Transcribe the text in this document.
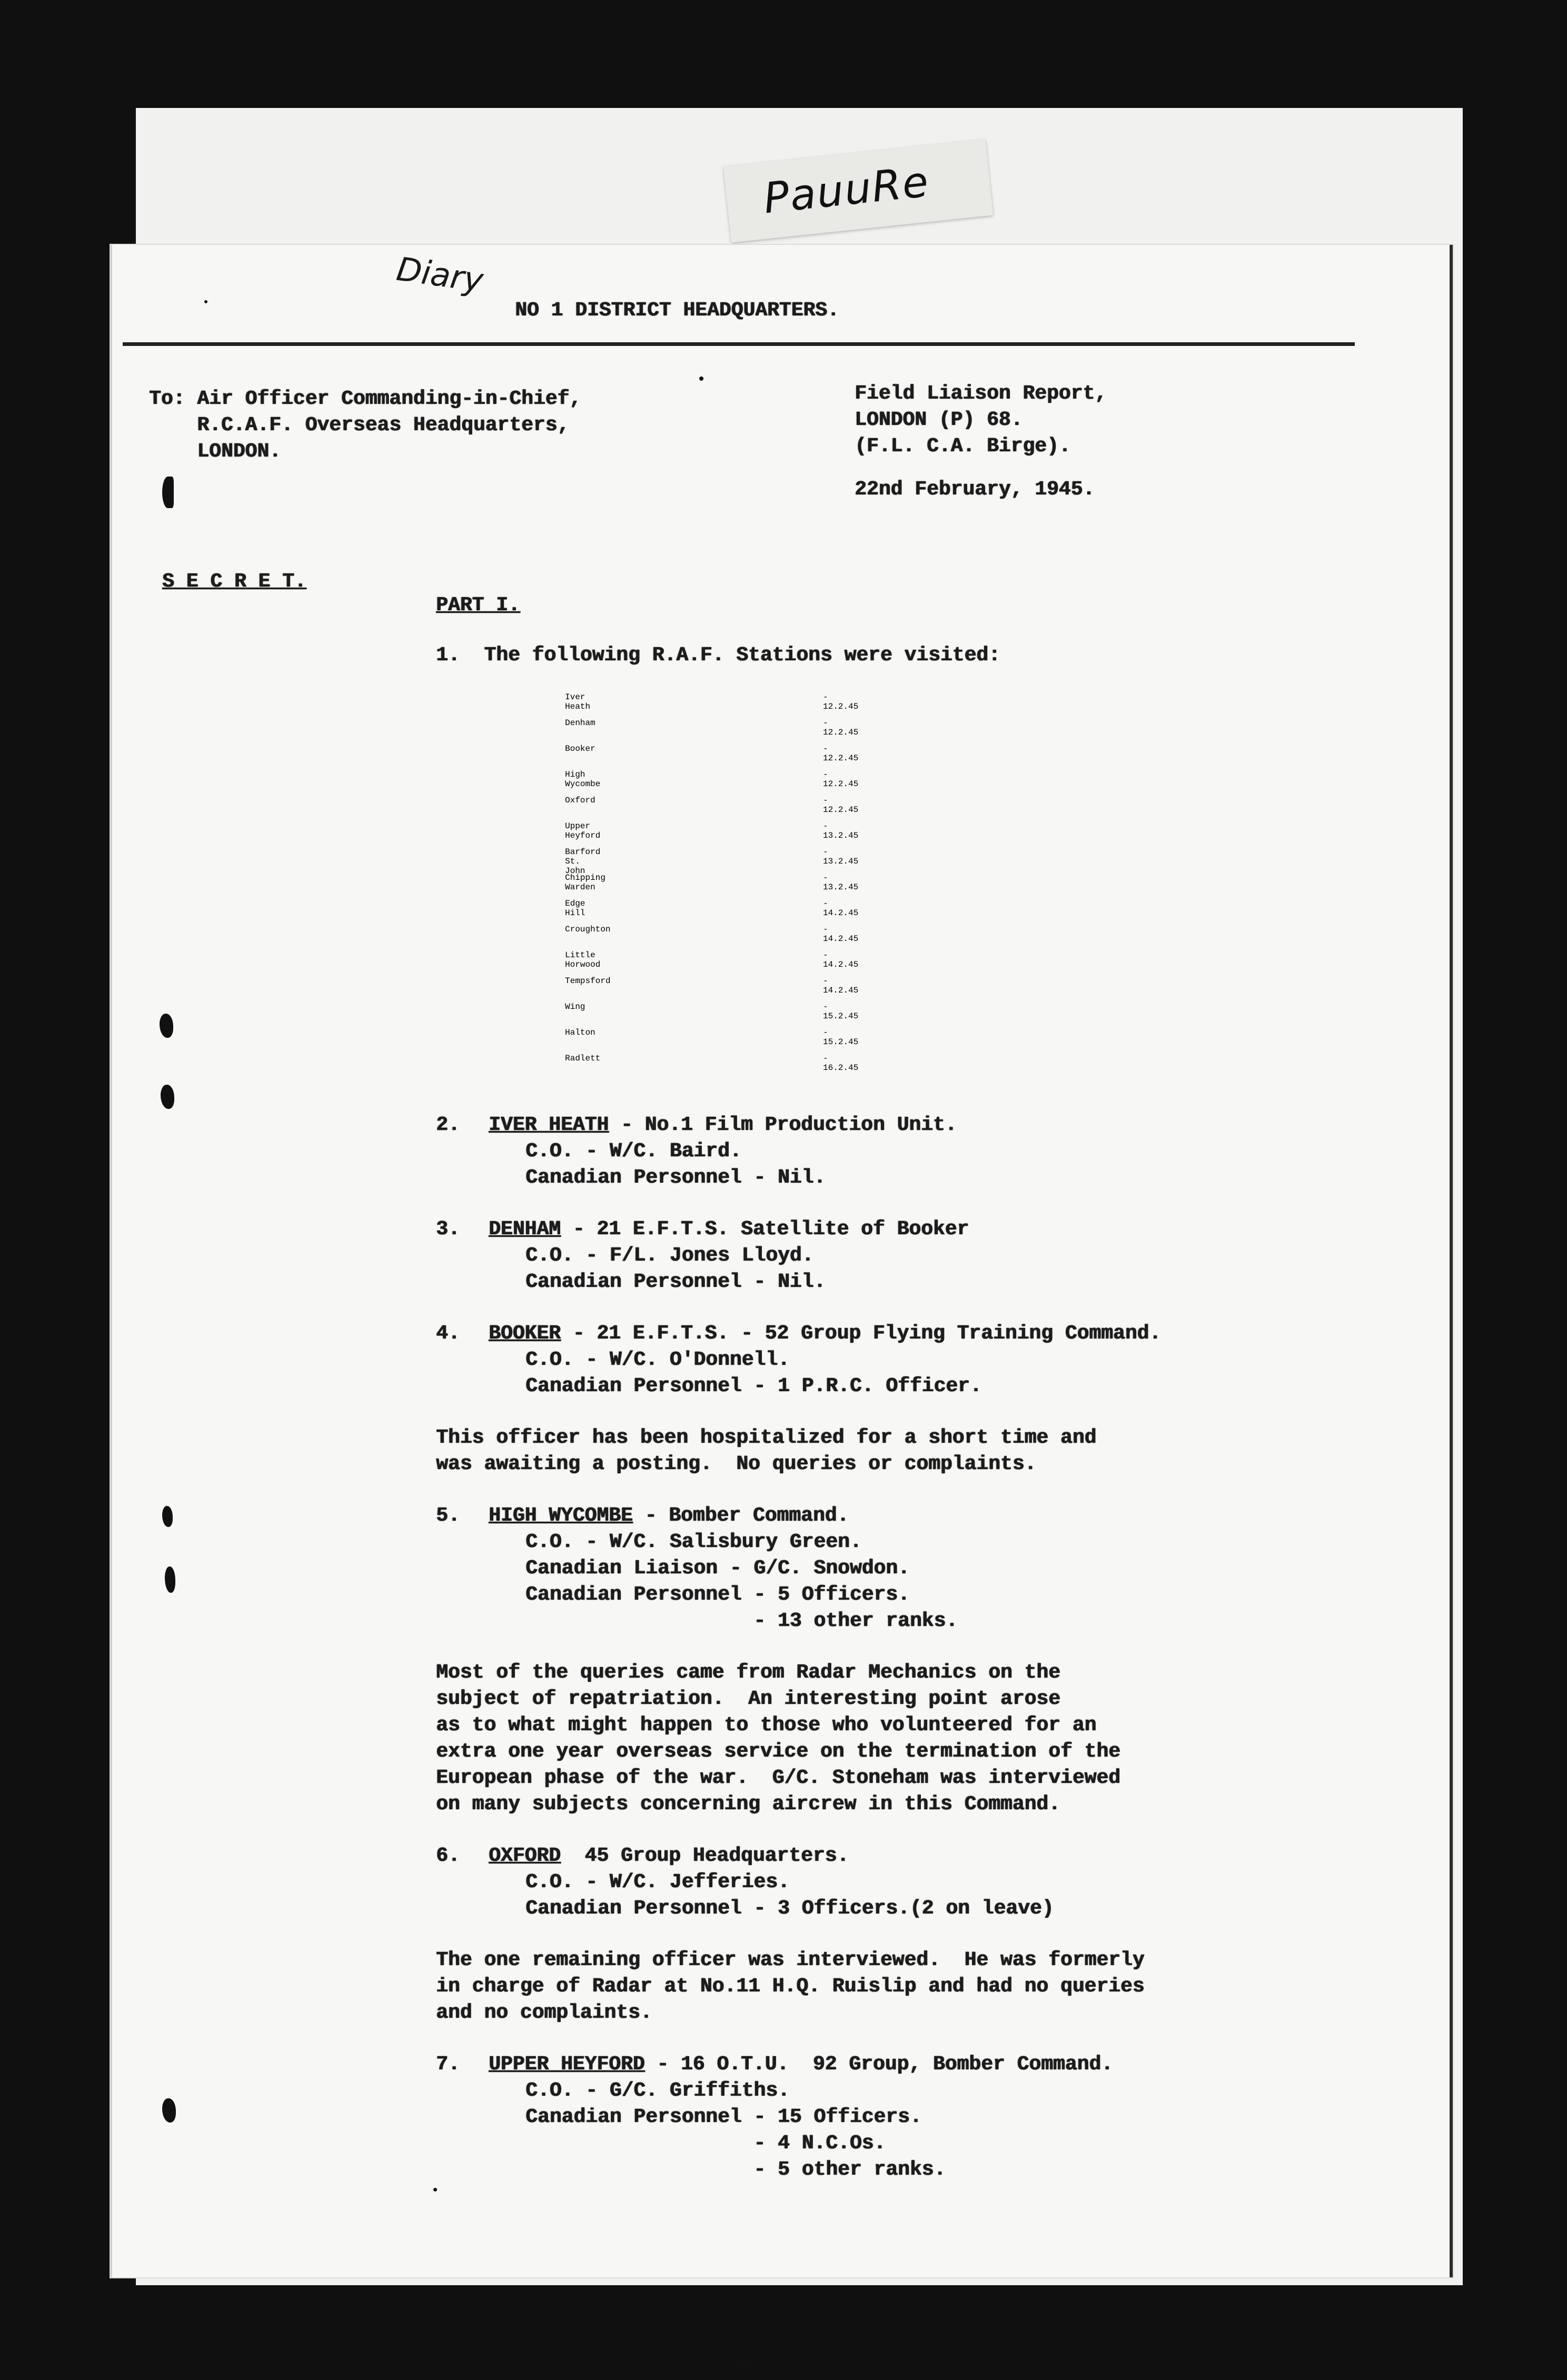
PauuRe
Diary
NO 1 DISTRICT HEADQUARTERS.
To: Air Officer Commanding-in-Chief,
R.C.A.F. Overseas Headquarters,
LONDON.
Field Liaison Report,
LONDON (P) 68.
(F.L. C.A. Birge).
22nd February, 1945.
S E C R E T.
PART I.
1.  The following R.A.F. Stations were visited:
Iver Heath
- 12.2.45
Denham	- 12.2.45
Booker	- 12.2.45
High Wycombe
- 12.2.45
Oxford	- 12.2.45
Upper Heyford
- 13.2.45
Barford St. John
- 13.2.45
Chipping Warden
- 13.2.45
Edge Hill
- 14.2.45
Croughton	- 14.2.45
Little Horwood
- 14.2.45
Tempsford	- 14.2.45
Wing	- 15.2.45
Halton	- 15.2.45
Radlett	- 16.2.45
2. IVER HEATH - No.1 Film Production Unit.
C.O. - W/C. Baird.
Canadian Personnel - Nil.
3. DENHAM - 21 E.F.T.S. Satellite of Booker
C.O. - F/L. Jones Lloyd.
Canadian Personnel - Nil.
4. BOOKER - 21 E.F.T.S. - 52 Group Flying Training Command.
C.O. - W/C. O'Donnell.
Canadian Personnel - 1 P.R.C. Officer.
This officer has been hospitalized for a short time and
was awaiting a posting.  No queries or complaints.
5. HIGH WYCOMBE - Bomber Command.
C.O. - W/C. Salisbury Green.
Canadian Liaison - G/C. Snowdon.
Canadian Personnel - 5 Officers.
- 13 other ranks.
Most of the queries came from Radar Mechanics on the
subject of repatriation.  An interesting point arose
as to what might happen to those who volunteered for an
extra one year overseas service on the termination of the
European phase of the war.  G/C. Stoneham was interviewed
on many subjects concerning aircrew in this Command.
6. OXFORD  45 Group Headquarters.
C.O. - W/C. Jefferies.
Canadian Personnel - 3 Officers.(2 on leave)
The one remaining officer was interviewed.  He was formerly
in charge of Radar at No.11 H.Q. Ruislip and had no queries
and no complaints.
7. UPPER HEYFORD - 16 O.T.U.  92 Group, Bomber Command.
C.O. - G/C. Griffiths.
Canadian Personnel - 15 Officers.
- 4 N.C.Os.
- 5 other ranks.
